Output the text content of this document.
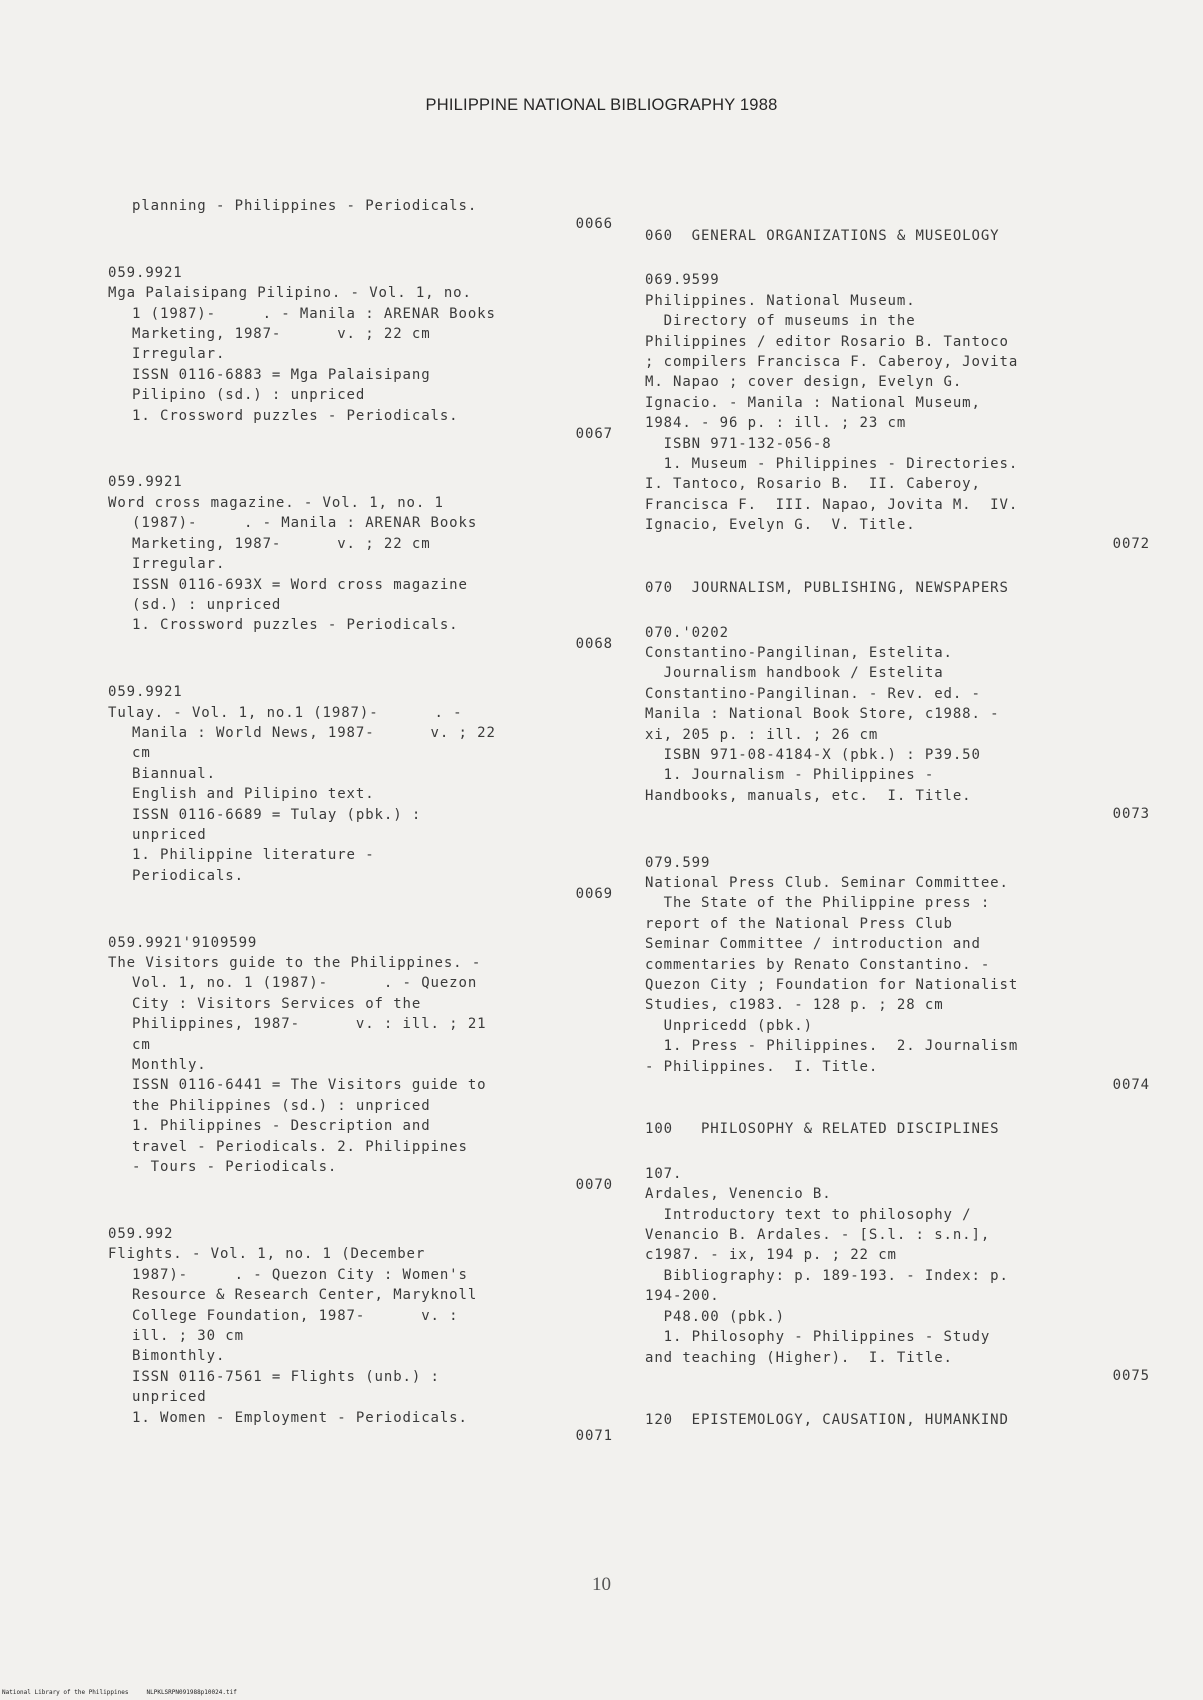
PHILIPPINE NATIONAL BIBLIOGRAPHY 1988
planning - Philippines - Periodicals.
0066
059.9921
Mga Palaisipang Pilipino. - Vol. 1, no.
1 (1987)-     . - Manila : ARENAR Books
Marketing, 1987-      v. ; 22 cm
Irregular.
ISSN 0116-6883 = Mga Palaisipang
Pilipino (sd.) : unpriced
1. Crossword puzzles - Periodicals.
0067
059.9921
Word cross magazine. - Vol. 1, no. 1
(1987)-     . - Manila : ARENAR Books
Marketing, 1987-      v. ; 22 cm
Irregular.
ISSN 0116-693X = Word cross magazine
(sd.) : unpriced
1. Crossword puzzles - Periodicals.
0068
059.9921
Tulay. - Vol. 1, no.1 (1987)-      . -
Manila : World News, 1987-      v. ; 22
cm
Biannual.
English and Pilipino text.
ISSN 0116-6689 = Tulay (pbk.) :
unpriced
1. Philippine literature -
Periodicals.
0069
059.9921'9109599
The Visitors guide to the Philippines. -
Vol. 1, no. 1 (1987)-      . - Quezon
City : Visitors Services of the
Philippines, 1987-      v. : ill. ; 21
cm
Monthly.
ISSN 0116-6441 = The Visitors guide to
the Philippines (sd.) : unpriced
1. Philippines - Description and
travel - Periodicals. 2. Philippines
- Tours - Periodicals.
0070
059.992
Flights. - Vol. 1, no. 1 (December
1987)-     . - Quezon City : Women's
Resource & Research Center, Maryknoll
College Foundation, 1987-      v. :
ill. ; 30 cm
Bimonthly.
ISSN 0116-7561 = Flights (unb.) :
unpriced
1. Women - Employment - Periodicals.
0071
060  GENERAL ORGANIZATIONS & MUSEOLOGY
069.9599
Philippines. National Museum.
Directory of museums in the
Philippines / editor Rosario B. Tantoco
; compilers Francisca F. Caberoy, Jovita
M. Napao ; cover design, Evelyn G.
Ignacio. - Manila : National Museum,
1984. - 96 p. : ill. ; 23 cm
ISBN 971-132-056-8
1. Museum - Philippines - Directories.
I. Tantoco, Rosario B.  II. Caberoy,
Francisca F.  III. Napao, Jovita M.  IV.
Ignacio, Evelyn G.  V. Title.
0072
070  JOURNALISM, PUBLISHING, NEWSPAPERS
070.'0202
Constantino-Pangilinan, Estelita.
Journalism handbook / Estelita
Constantino-Pangilinan. - Rev. ed. -
Manila : National Book Store, c1988. -
xi, 205 p. : ill. ; 26 cm
ISBN 971-08-4184-X (pbk.) : P39.50
1. Journalism - Philippines -
Handbooks, manuals, etc.  I. Title.
0073
079.599
National Press Club. Seminar Committee.
The State of the Philippine press :
report of the National Press Club
Seminar Committee / introduction and
commentaries by Renato Constantino. -
Quezon City ; Foundation for Nationalist
Studies, c1983. - 128 p. ; 28 cm
Unpricedd (pbk.)
1. Press - Philippines.  2. Journalism
- Philippines.  I. Title.
0074
100   PHILOSOPHY & RELATED DISCIPLINES
107.
Ardales, Venencio B.
Introductory text to philosophy /
Venancio B. Ardales. - [S.l. : s.n.],
c1987. - ix, 194 p. ; 22 cm
Bibliography: p. 189-193. - Index: p.
194-200.
P48.00 (pbk.)
1. Philosophy - Philippines - Study
and teaching (Higher).  I. Title.
0075
120  EPISTEMOLOGY, CAUSATION, HUMANKIND
10
National Library of the Philippines     NLPKLSRPN091988p10024.tif
